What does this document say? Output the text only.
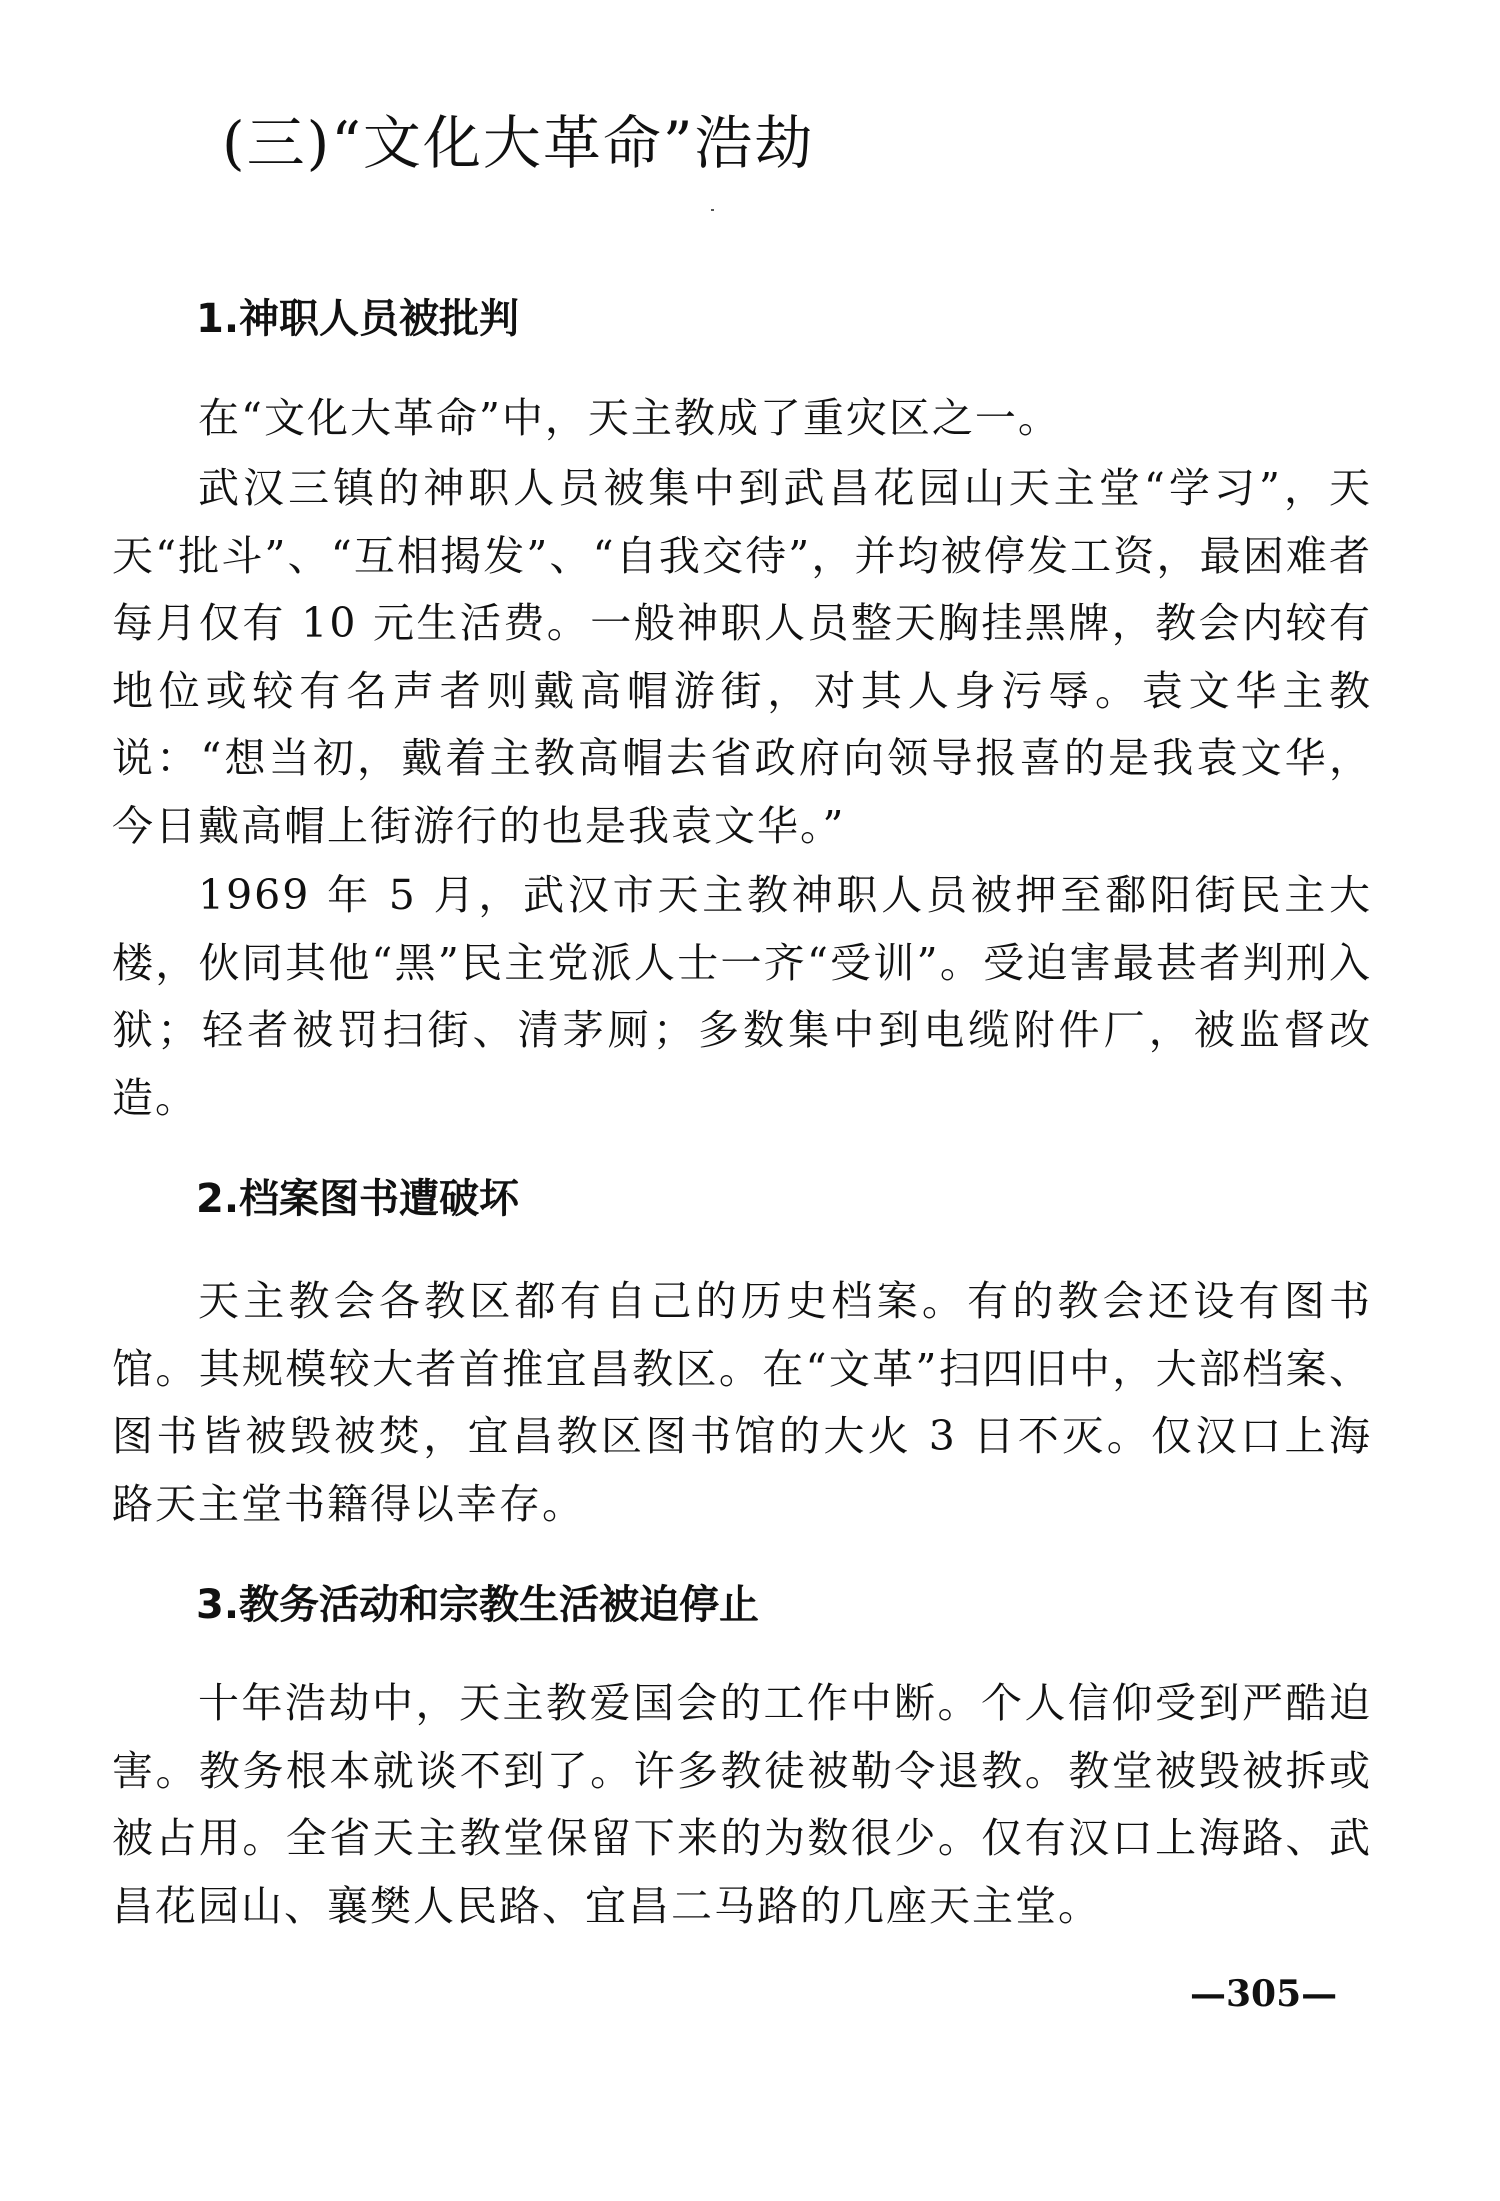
(三)“文化大革命”浩劫
1.神职人员被批判

在“文化大革命”中，天主教成了重灾区之一。

武汉三镇的神职人员被集中到武昌花园山天主堂“学习”，天天“批斗”、“互相揭发”、“自我交待”，并均被停发工资，最困难者每月仅有 10 元生活费。一般神职人员整天胸挂黑牌，教会内较有地位或较有名声者则戴高帽游街，对其人身污辱。袁文华主教说：“想当初，戴着主教高帽去省政府向领导报喜的是我袁文华，今日戴高帽上街游行的也是我袁文华。”

1969 年 5 月，武汉市天主教神职人员被押至鄱阳街民主大楼，伙同其他“黑”民主党派人士一齐“受训”。受迫害最甚者判刑入狱；轻者被罚扫街、清茅厕；多数集中到电缆附件厂，被监督改造。

2.档案图书遭破坏

天主教会各教区都有自己的历史档案。有的教会还设有图书馆。其规模较大者首推宜昌教区。在“文革”扫四旧中，大部档案、图书皆被毁被焚，宜昌教区图书馆的大火 3 日不灭。仅汉口上海路天主堂书籍得以幸存。

3.教务活动和宗教生活被迫停止

十年浩劫中，天主教爱国会的工作中断。个人信仰受到严酷迫害。教务根本就谈不到了。许多教徒被勒令退教。教堂被毁被拆或被占用。全省天主教堂保留下来的为数很少。仅有汉口上海路、武昌花园山、襄樊人民路、宜昌二马路的几座天主堂。

—305—
